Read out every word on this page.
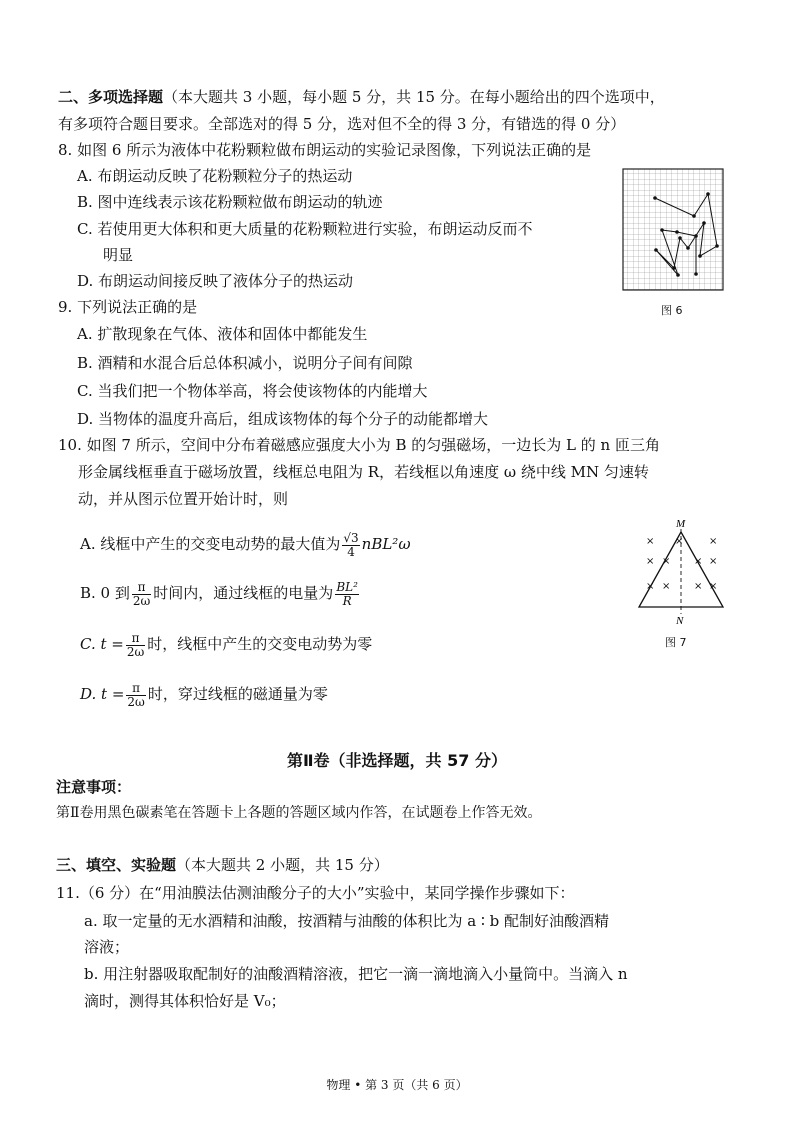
二、多项选择题（本大题共 3 小题，每小题 5 分，共 15 分。在每小题给出的四个选项中，
有多项符合题目要求。全部选对的得 5 分，选对但不全的得 3 分，有错选的得 0 分）
8. 如图 6 所示为液体中花粉颗粒做布朗运动的实验记录图像，下列说法正确的是
A. 布朗运动反映了花粉颗粒分子的热运动
B. 图中连线表示该花粉颗粒做布朗运动的轨迹
C. 若使用更大体积和更大质量的花粉颗粒进行实验，布朗运动反而不
明显
D. 布朗运动间接反映了液体分子的热运动
图 6
9. 下列说法正确的是
A. 扩散现象在气体、液体和固体中都能发生
B. 酒精和水混合后总体积减小，说明分子间有间隙
C. 当我们把一个物体举高，将会使该物体的内能增大
D. 当物体的温度升高后，组成该物体的每个分子的动能都增大
10. 如图 7 所示，空间中分布着磁感应强度大小为 B 的匀强磁场，一边长为 L 的 n 匝三角
形金属线框垂直于磁场放置，线框总电阻为 R，若线框以角速度 ω 绕中线 MN 匀速转
动，并从图示位置开始计时，则
A. 线框中产生的交变电动势的最大值为 $\frac{√3}{4} nBL^2\omega$
B. 0 到 $\frac{\pi}{2\omega}$ 时间内，通过线框的电量为 $\frac{\text{BL²}}{R}$
C. $t = \frac{\pi}{2\omega}$ 时，线框中产生的交变电动势为零
D. $t = \frac{\pi}{2\omega}$ 时，穿过线框的磁通量为零
M
×	×
×	×
× ×
×	×
× ×
×
N
图 7
第Ⅱ卷（非选择题，共 57 分）
注意事项：
第Ⅱ卷用黑色碳素笔在答题卡上各题的答题区域内作答，在试题卷上作答无效。
三、填空、实验题（本大题共 2 小题，共 15 分）
11.（6 分）在“用油膜法估测油酸分子的大小”实验中，某同学操作步骤如下：
a. 取一定量的无水酒精和油酸，按酒精与油酸的体积比为 a ∶ b 配制好油酸酒精
溶液；
b. 用注射器吸取配制好的油酸酒精溶液，把它一滴一滴地滴入小量筒中。当滴入 n
滴时，测得其体积恰好是 V₀；
物理 • 第 3 页（共 6 页）
